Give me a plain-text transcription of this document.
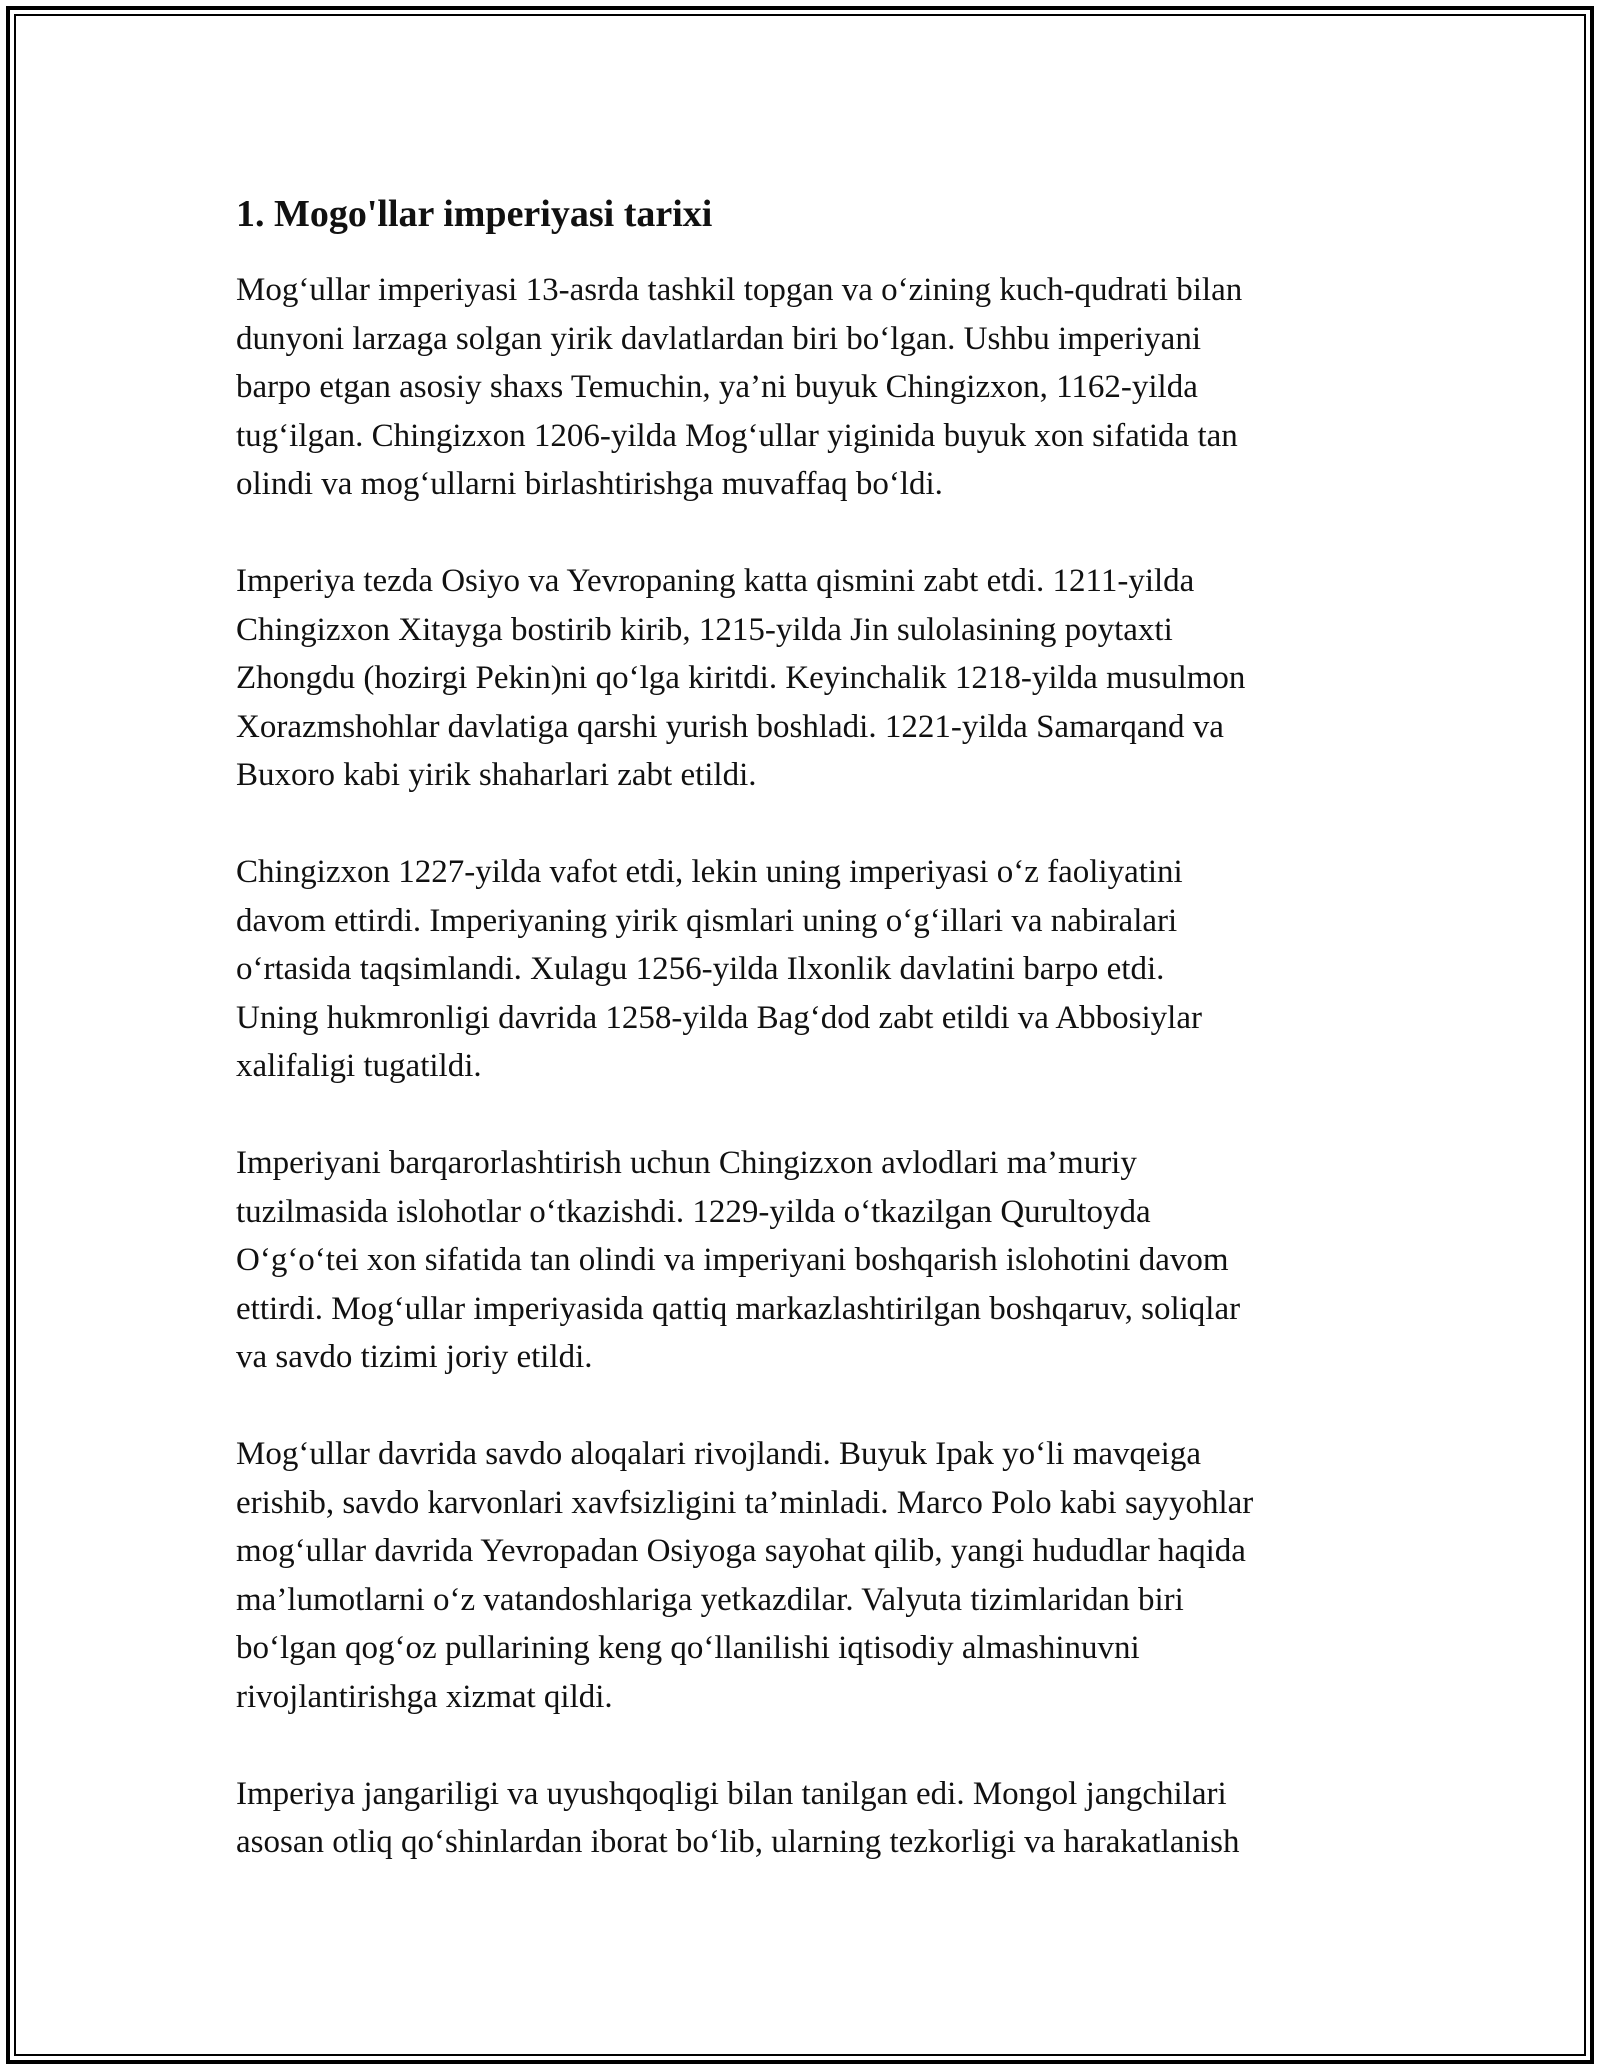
1. Mogo'llar imperiyasi tarixi
Mog‘ullar imperiyasi 13-asrda tashkil topgan va o‘zining kuch-qudrati bilan
dunyoni larzaga solgan yirik davlatlardan biri bo‘lgan. Ushbu imperiyani
barpo etgan asosiy shaxs Temuchin, ya’ni buyuk Chingizxon, 1162-yilda
tug‘ilgan. Chingizxon 1206-yilda Mog‘ullar yiginida buyuk xon sifatida tan
olindi va mog‘ullarni birlashtirishga muvaffaq bo‘ldi.
Imperiya tezda Osiyo va Yevropaning katta qismini zabt etdi. 1211-yilda
Chingizxon Xitayga bostirib kirib, 1215-yilda Jin sulolasining poytaxti
Zhongdu (hozirgi Pekin)ni qo‘lga kiritdi. Keyinchalik 1218-yilda musulmon
Xorazmshohlar davlatiga qarshi yurish boshladi. 1221-yilda Samarqand va
Buxoro kabi yirik shaharlari zabt etildi.
Chingizxon 1227-yilda vafot etdi, lekin uning imperiyasi o‘z faoliyatini
davom ettirdi. Imperiyaning yirik qismlari uning o‘g‘illari va nabiralari
o‘rtasida taqsimlandi. Xulagu 1256-yilda Ilxonlik davlatini barpo etdi.
Uning hukmronligi davrida 1258-yilda Bag‘dod zabt etildi va Abbosiylar
xalifaligi tugatildi.
Imperiyani barqarorlashtirish uchun Chingizxon avlodlari ma’muriy
tuzilmasida islohotlar o‘tkazishdi. 1229-yilda o‘tkazilgan Qurultoyda
O‘g‘o‘tei xon sifatida tan olindi va imperiyani boshqarish islohotini davom
ettirdi. Mog‘ullar imperiyasida qattiq markazlashtirilgan boshqaruv, soliqlar
va savdo tizimi joriy etildi.
Mog‘ullar davrida savdo aloqalari rivojlandi. Buyuk Ipak yo‘li mavqeiga
erishib, savdo karvonlari xavfsizligini ta’minladi. Marco Polo kabi sayyohlar
mog‘ullar davrida Yevropadan Osiyoga sayohat qilib, yangi hududlar haqida
ma’lumotlarni o‘z vatandoshlariga yetkazdilar. Valyuta tizimlaridan biri
bo‘lgan qog‘oz pullarining keng qo‘llanilishi iqtisodiy almashinuvni
rivojlantirishga xizmat qildi.
Imperiya jangariligi va uyushqoqligi bilan tanilgan edi. Mongol jangchilari
asosan otliq qo‘shinlardan iborat bo‘lib, ularning tezkorligi va harakatlanish
